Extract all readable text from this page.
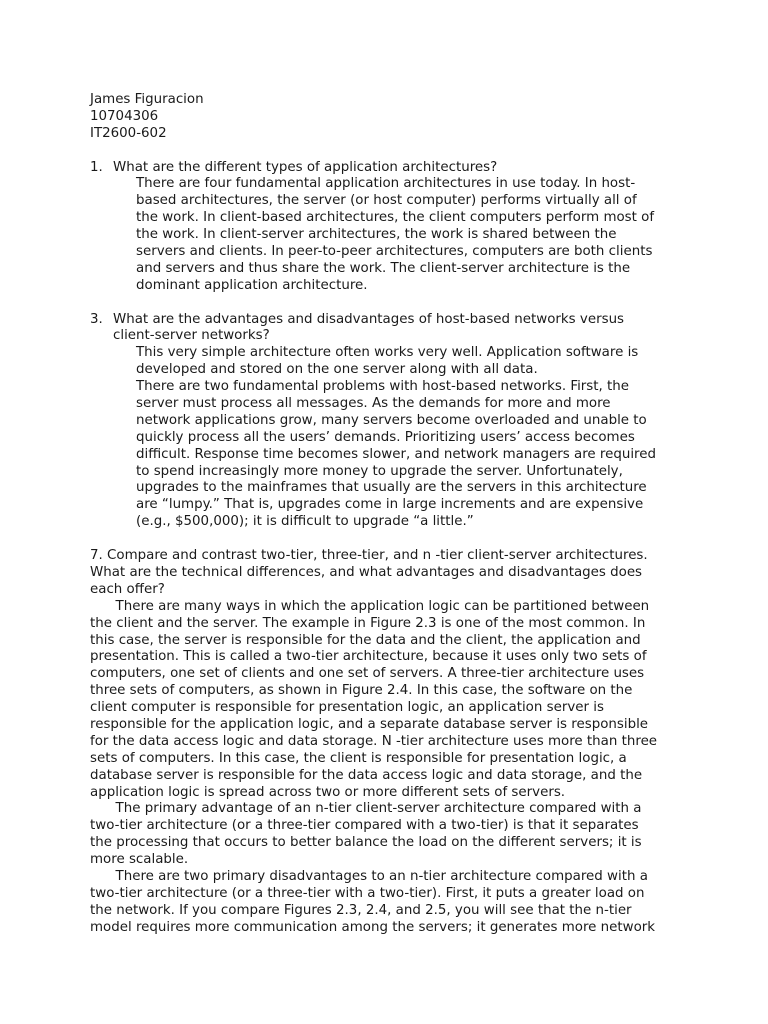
James Figuracion
10704306
IT2600-602
1. What are the different types of application architectures?
There are four fundamental application architectures in use today. In host-
based architectures, the server (or host computer) performs virtually all of
the work. In client-based architectures, the client computers perform most of
the work. In client-server architectures, the work is shared between the
servers and clients. In peer-to-peer architectures, computers are both clients
and servers and thus share the work. The client-server architecture is the
dominant application architecture.
3. What are the advantages and disadvantages of host-based networks versus
client-server networks?
This very simple architecture often works very well. Application software is
developed and stored on the one server along with all data.
There are two fundamental problems with host-based networks. First, the
server must process all messages. As the demands for more and more
network applications grow, many servers become overloaded and unable to
quickly process all the users’ demands. Prioritizing users’ access becomes
difficult. Response time becomes slower, and network managers are required
to spend increasingly more money to upgrade the server. Unfortunately,
upgrades to the mainframes that usually are the servers in this architecture
are “lumpy.” That is, upgrades come in large increments and are expensive
(e.g., $500,000); it is difficult to upgrade “a little.”
7. Compare and contrast two-tier, three-tier, and n -tier client-server architectures.
What are the technical differences, and what advantages and disadvantages does
each offer?
There are many ways in which the application logic can be partitioned between
the client and the server. The example in Figure 2.3 is one of the most common. In
this case, the server is responsible for the data and the client, the application and
presentation. This is called a two-tier architecture, because it uses only two sets of
computers, one set of clients and one set of servers. A three-tier architecture uses
three sets of computers, as shown in Figure 2.4. In this case, the software on the
client computer is responsible for presentation logic, an application server is
responsible for the application logic, and a separate database server is responsible
for the data access logic and data storage. N -tier architecture uses more than three
sets of computers. In this case, the client is responsible for presentation logic, a
database server is responsible for the data access logic and data storage, and the
application logic is spread across two or more different sets of servers.
The primary advantage of an n-tier client-server architecture compared with a
two-tier architecture (or a three-tier compared with a two-tier) is that it separates
the processing that occurs to better balance the load on the different servers; it is
more scalable.
There are two primary disadvantages to an n-tier architecture compared with a
two-tier architecture (or a three-tier with a two-tier). First, it puts a greater load on
the network. If you compare Figures 2.3, 2.4, and 2.5, you will see that the n-tier
model requires more communication among the servers; it generates more network
